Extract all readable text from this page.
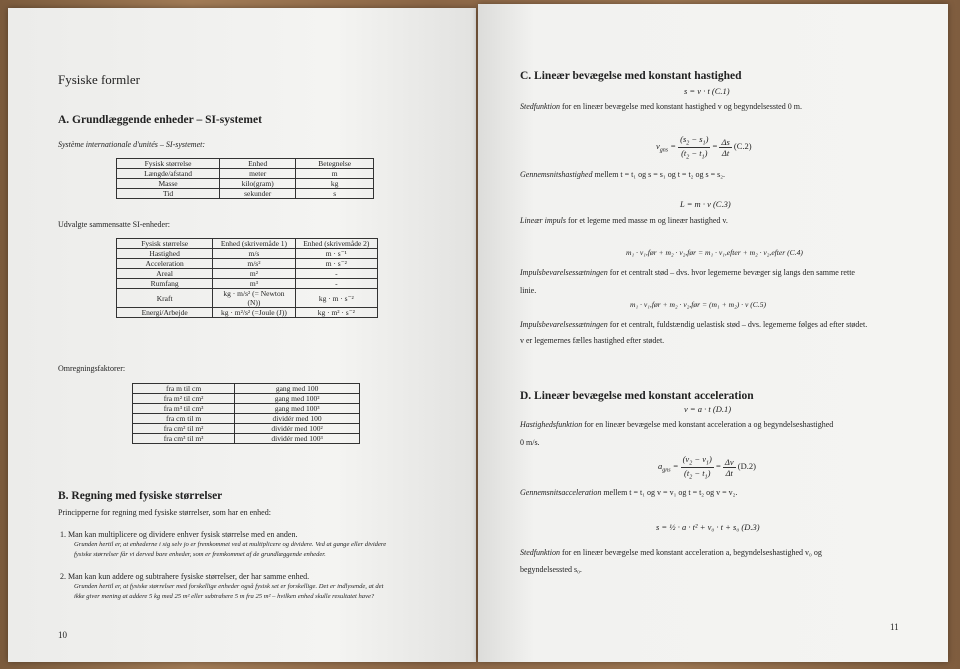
Fysiske formler
A. Grundlæggende enheder – SI-systemet
Système internationale d'unités – SI-systemet:
Fysisk størrelse	Enhed	Betegnelse
Længde/afstand	meter	m
Masse	kilo(gram)	kg
Tid	sekunder	s
Udvalgte sammensatte SI-enheder:
Fysisk størrelse	Enhed (skrivemåde 1)	Enhed (skrivemåde 2)
Hastighed	m/s	m · s⁻¹
Acceleration	m/s²	m · s⁻²
Areal	m²	-
Rumfang	m³	-
Kraft	kg · m/s² (= Newton (N))	kg · m · s⁻²
Energi/Arbejde	kg · m²/s² (=Joule (J))	kg · m² · s⁻²
Omregningsfaktorer:
fra m til cm	gang med 100
fra m² til cm²	gang med 100²
fra m³ til cm³	gang med 100³
fra cm til m	dividér med 100
fra cm² til m²	dividér med 100²
fra cm³ til m³	dividér med 100³
B. Regning med fysiske størrelser
Principperne for regning med fysiske størrelser, som har en enhed:
1. Man kan multiplicere og dividere enhver fysisk størrelse med en anden.
Grunden hertil er, at enhederne i sig selv jo er fremkommet ved at multiplicere og dividere. Ved at gange eller dividere
fysiske størrelser får vi derved bare enheder, som er fremkommet af de grundlæggende enheder.
2. Man kan kun addere og subtrahere fysiske størrelser, der har samme enhed.
Grunden hertil er, at fysiske størrelser med forskellige enheder også fysisk set er forskellige. Det er indlysende, at det
ikke giver mening at addere 5 kg med 25 m² eller subtrahere 5 m fra 25 m² – hvilken enhed skulle resultatet have?
10
C. Lineær bevægelse med konstant hastighed
s = v · t (C.1)
Stedfunktion for en lineær bevægelse med konstant hastighed v og begyndelsessted 0 m.
$v_{gns} = \frac{(s_2 - s_1)}{(t_2 - t_1)} = \frac{\Delta s}{\Delta t} (C.2)$
Gennemsnitshastighed mellem t = t₁ og s = s₁ og t = t₂ og s = s₂.
L = m · v (C.3)
Lineær impuls for et legeme med masse m og lineær hastighed v.
m₁ · v₁,før + m₂ · v₂,før = m₁ · v₁,efter + m₂ · v₂,efter (C.4)
Impulsbevarelsessætningen for et centralt stød – dvs. hvor legemerne bevæger sig langs den samme rette
linie.
m₁ · v₁,før + m₂ · v₂,før = (m₁ + m₂) · v (C.5)
Impulsbevarelsessætningen for et centralt, fuldstændig uelastisk stød – dvs. legemerne følges ad efter stødet.
v er legemernes fælles hastighed efter stødet.
D. Lineær bevægelse med konstant acceleration
v = a · t (D.1)
Hastighedsfunktion for en lineær bevægelse med konstant acceleration a og begyndelseshastighed
0 m/s.
$a_{gns} = \frac{(v_2 - v_1)}{(t_2 - t_1)} = \frac{\Delta v}{\Delta t} (D.2)$
Gennemsnitsacceleration mellem t = t₁ og v = v₁ og t = t₂ og v = v₂.
s = ½ · a · t² + v₀ · t + s₀ (D.3)
Stedfunktion for en lineær bevægelse med konstant acceleration a, begyndelseshastighed v₀ og
begyndelsessted s₀.
11
